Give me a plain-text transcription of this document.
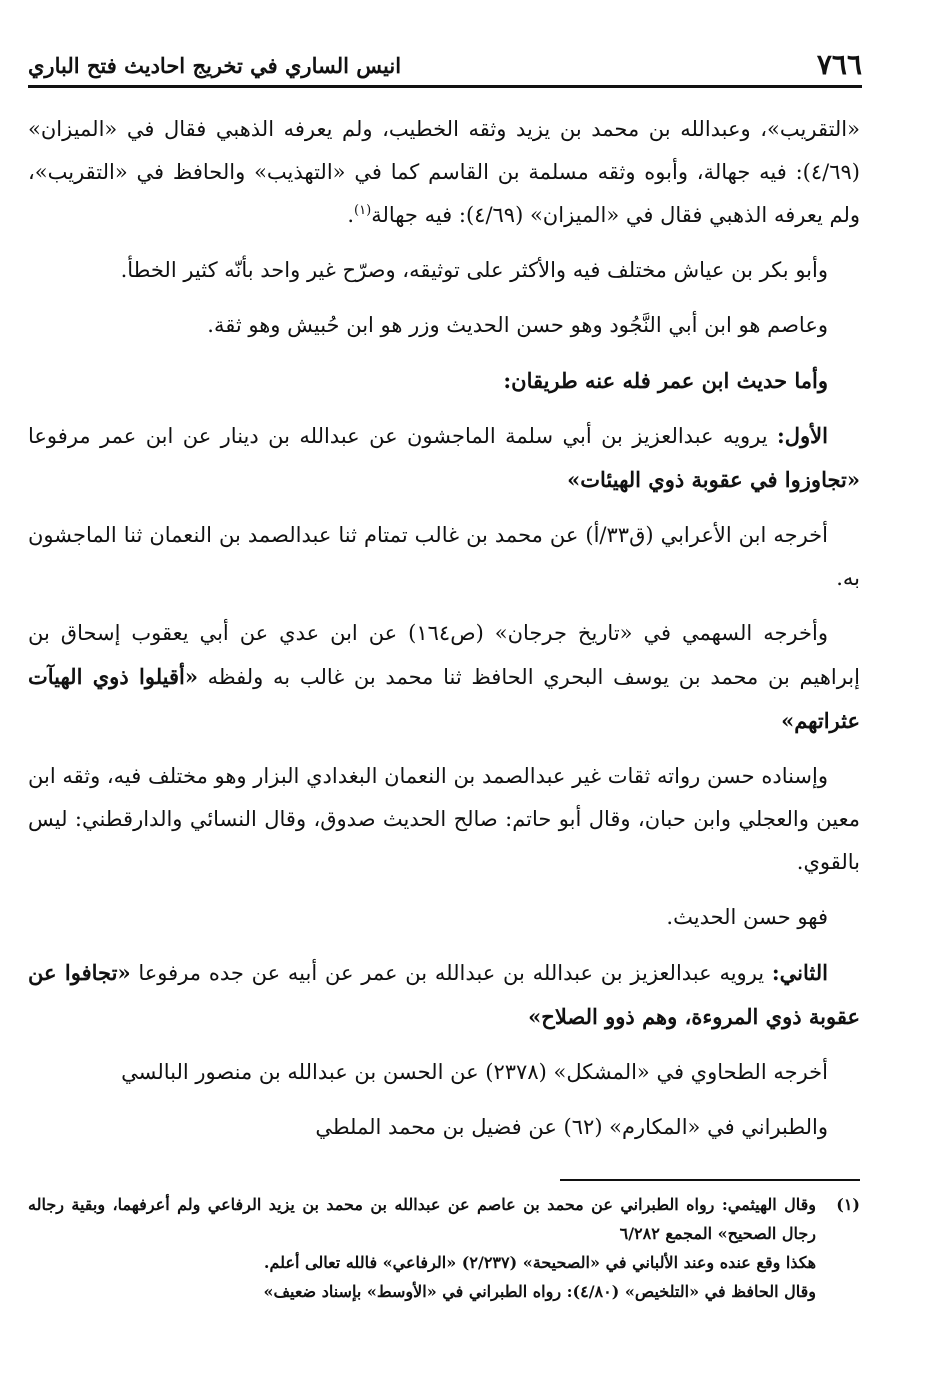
٧٦٦
انيس الساري في تخريج احاديث فتح الباري

«التقريب»، وعبدالله بن محمد بن يزيد وثقه الخطيب، ولم يعرفه الذهبي فقال في «الميزان» (٤/٦٩): فيه جهالة، وأبوه وثقه مسلمة بن القاسم كما في «التهذيب» والحافظ في «التقريب»، ولم يعرفه الذهبي فقال في «الميزان» (٤/٦٩): فيه جهالة$^{(١)}$.

وأبو بكر بن عياش مختلف فيه والأكثر على توثيقه، وصرّح غير واحد بأنّه كثير الخطأ.

وعاصم هو ابن أبي النَّجُود وهو حسن الحديث وزر هو ابن حُبيش وهو ثقة.

وأما حديث ابن عمر فله عنه طريقان:

الأول: يرويه عبدالعزيز بن أبي سلمة الماجشون عن عبدالله بن دينار عن ابن عمر مرفوعا «تجاوزوا في عقوبة ذوي الهيئات»

أخرجه ابن الأعرابي (ق٣٣/أ) عن محمد بن غالب تمتام ثنا عبدالصمد بن النعمان ثنا الماجشون به.

وأخرجه السهمي في «تاريخ جرجان» (ص١٦٤) عن ابن عدي عن أبي يعقوب إسحاق بن إبراهيم بن محمد بن يوسف البحري الحافظ ثنا محمد بن غالب به ولفظه «أقيلوا ذوي الهيآت عثراتهم»

وإسناده حسن رواته ثقات غير عبدالصمد بن النعمان البغدادي البزار وهو مختلف فيه، وثقه ابن معين والعجلي وابن حبان، وقال أبو حاتم: صالح الحديث صدوق، وقال النسائي والدارقطني: ليس بالقوي.

فهو حسن الحديث.

الثاني: يرويه عبدالعزيز بن عبدالله بن عبدالله بن عمر عن أبيه عن جده مرفوعا «تجافوا عن عقوبة ذوي المروءة، وهم ذوو الصلاح»

أخرجه الطحاوي في «المشكل» (٢٣٧٨) عن الحسن بن عبدالله بن منصور البالسي

والطبراني في «المكارم» (٦٢) عن فضيل بن محمد الملطي

(١)
وقال الهيثمي: رواه الطبراني عن محمد بن عاصم عن عبدالله بن محمد بن يزيد الرفاعي ولم أعرفهما، وبقية رجاله رجال الصحيح» المجمع ٦/٢٨٢
هكذا وقع عنده وعند الألباني في «الصحيحة» (٢/٢٣٧) «الرفاعي» فالله تعالى أعلم.
وقال الحافظ في «التلخيص» (٤/٨٠): رواه الطبراني في «الأوسط» بإسناد ضعيف»
